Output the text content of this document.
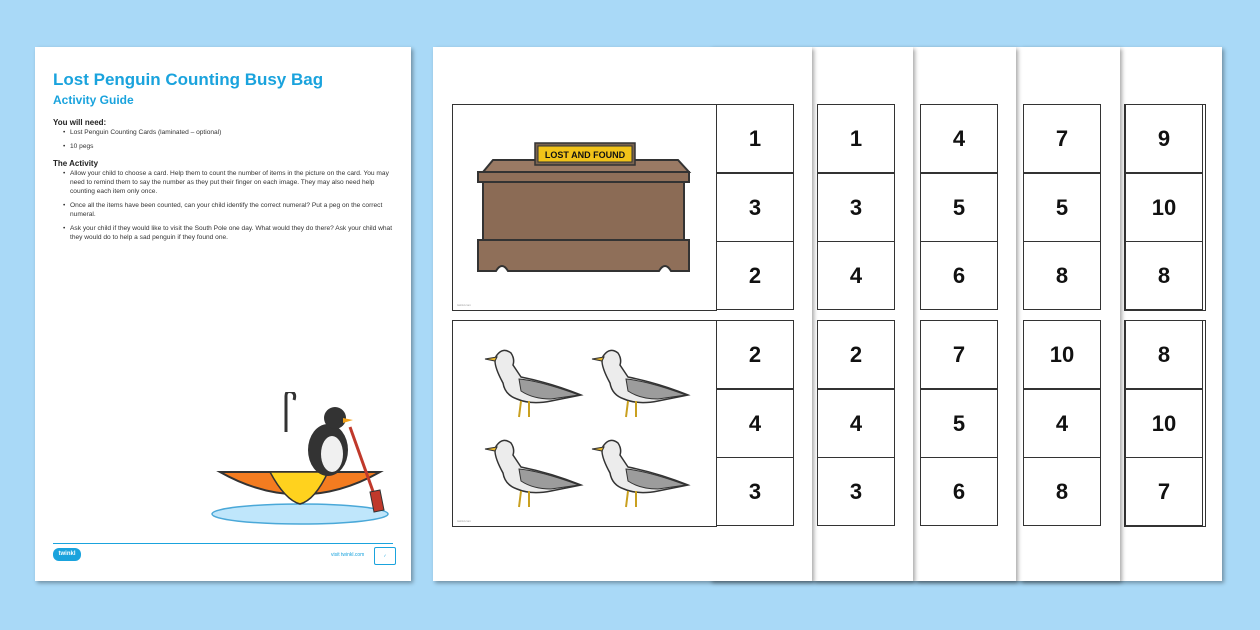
LOST AND FOUND
twinkl.com
twinkl.com
1
3
2
2
4
3
1
3
4
2
4
3
4
5
6
7
5
6
7
5
8
10
4
8
9
10
8
8
10
7
Lost Penguin Counting Busy Bag
Activity Guide
You will need:
• Lost Penguin Counting Cards (laminated – optional)
• 10 pegs
The Activity
• Allow your child to choose a card. Help them to count the number of items in the picture on the card. You may need to remind them to say the number as they put their finger on each image. They may also need help counting each item only once.
• Once all the items have been counted, can your child identify the correct numeral? Put a peg on the correct numeral.
• Ask your child if they would like to visit the South Pole one day. What would they do there? Ask your child what they would do to help a sad penguin if they found one.
twinkl	visit twinkl.com	✓
